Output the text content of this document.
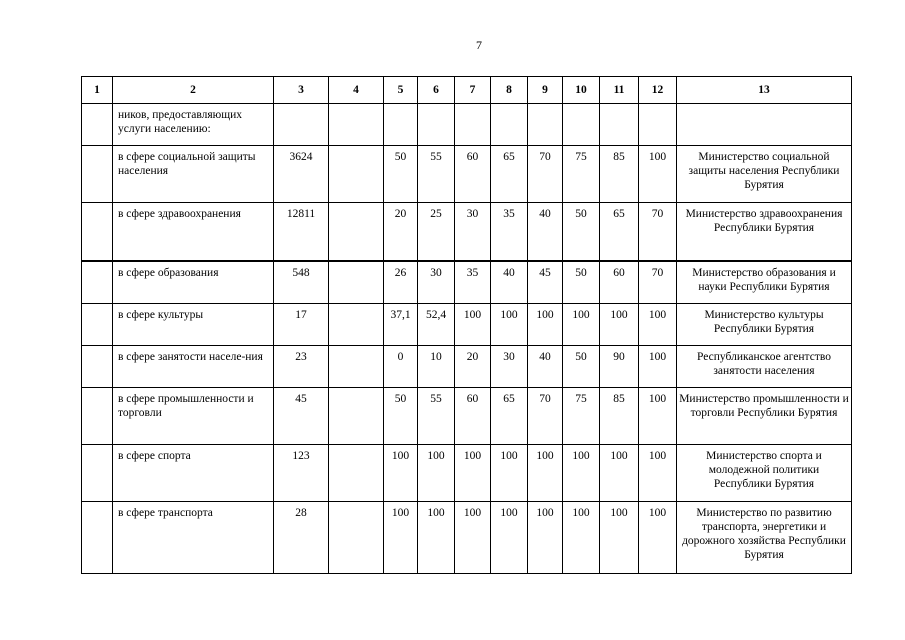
7
1	2	3	4	5	6	7	8	9	10	11	12	13
	ников, предоставляющих услуги населению:											
	в сфере социальной защиты населения	3624		50	55	60	65	70	75	85	100	Министерство социальной защиты населения Республики Бурятия
	в сфере здравоохранения	12811		20	25	30	35	40	50	65	70	Министерство здравоохранения Республики Бурятия
	в сфере образования	548		26	30	35	40	45	50	60	70	Министерство образования и науки Республики Бурятия
	в сфере культуры	17		37,1	52,4	100	100	100	100	100	100	Министерство культуры Республики Бурятия
	в сфере занятости населе-ния	23		0	10	20	30	40	50	90	100	Республиканское агентство занятости населения
	в сфере промышленности и торговли	45		50	55	60	65	70	75	85	100	Министерство промышленности и торговли Республики Бурятия
	в сфере спорта	123		100	100	100	100	100	100	100	100	Министерство спорта и молодежной политики Республики Бурятия
	в сфере транспорта	28		100	100	100	100	100	100	100	100	Министерство по развитию транспорта, энергетики и дорожного хозяйства Республики Бурятия
